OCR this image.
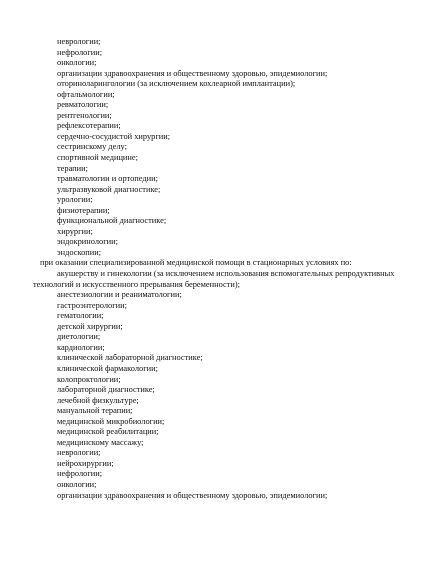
неврологии;
нефрологии;
онкологии;
организации здравоохранения и общественному здоровью, эпидемиологии;
оториноларингологии (за исключением кохлеарной имплантации);
офтальмологии;
ревматологии;
рентгенологии;
рефлексотерапии;
сердечно-сосудистой хирургии;
сестринскому делу;
спортивной медицине;
терапии;
травматологии и ортопедии;
ультразвуковой диагностике;
урологии;
физиотерапии;
функциональной диагностике;
хирургии;
эндокринологии;
эндоскопии;
при оказании специализированной медицинской помощи в стационарных условиях по:
акушерству и гинекологии (за исключением использования вспомогательных репродуктивных
технологий и искусственного прерывания беременности);
анестезиологии и реаниматологии;
гастроэнтерологии;
гематологии;
детской хирургии;
диетологии;
кардиологии;
клинической лабораторной диагностике;
клинической фармакологии;
колопроктологии;
лабораторной диагностике;
лечебной физкультуре;
мануальной терапии;
медицинской микробиологии;
медицинской реабилитации;
медицинскому массажу;
неврологии;
нейрохирургии;
нефрологии;
онкологии;
организации здравоохранения и общественному здоровью, эпидемиологии;
